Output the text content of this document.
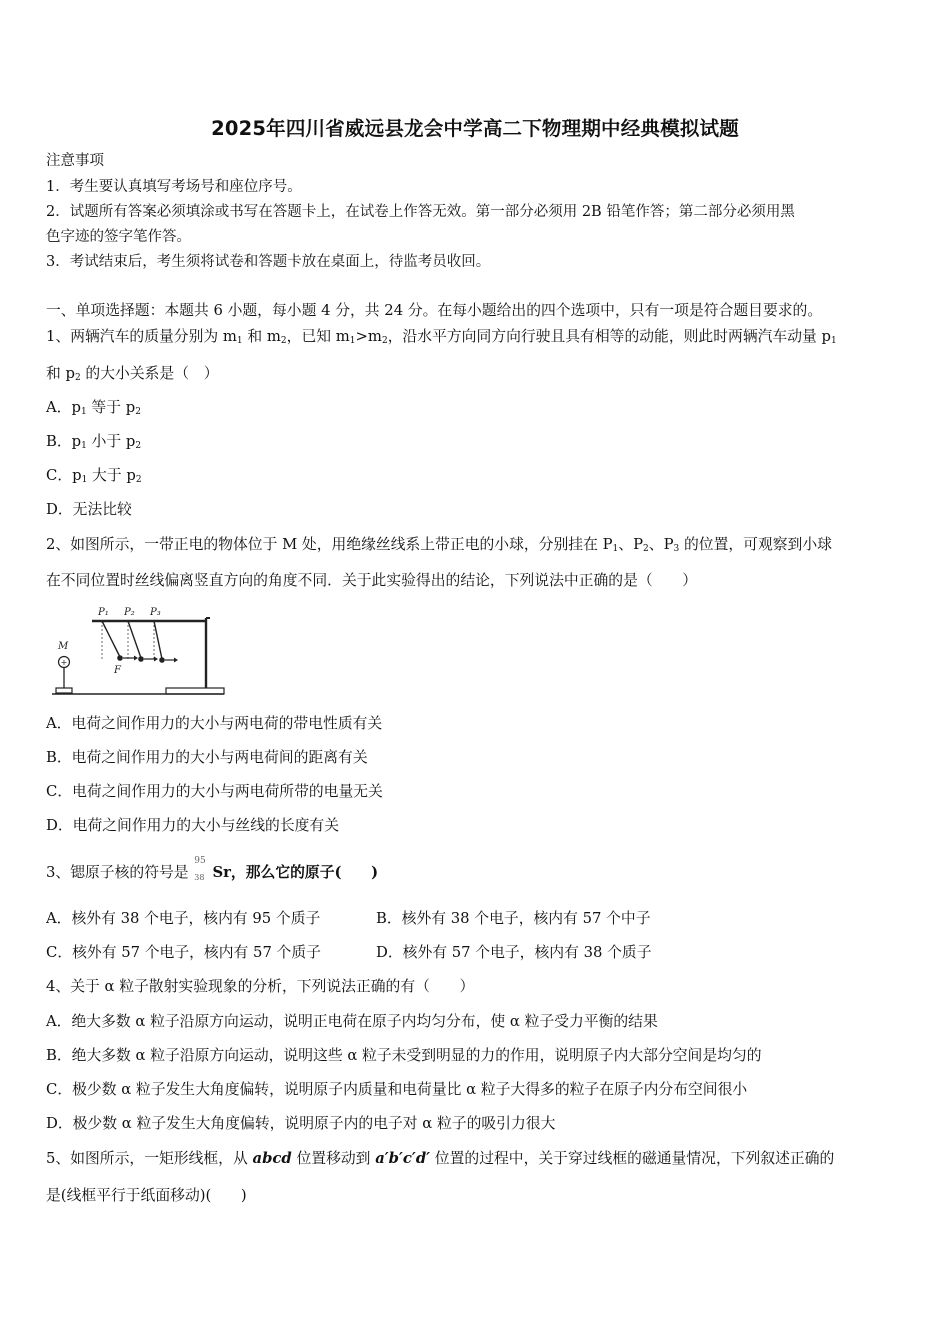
2025年四川省威远县龙会中学高二下物理期中经典模拟试题
注意事项
1．考生要认真填写考场号和座位序号。
2．试题所有答案必须填涂或书写在答题卡上，在试卷上作答无效。第一部分必须用 2B 铅笔作答；第二部分必须用黑
色字迹的签字笔作答。
3．考试结束后，考生须将试卷和答题卡放在桌面上，待监考员收回。
一、单项选择题：本题共 6 小题，每小题 4 分，共 24 分。在每小题给出的四个选项中，只有一项是符合题目要求的。
1、两辆汽车的质量分别为 $m_1$ 和 $m_2$，已知 $m_1>m_2$，沿水平方向同方向行驶且具有相等的动能，则此时两辆汽车动量 $p_1$
和 $p_2$ 的大小关系是（　）
A．$p_1$ 等于 $p_2$
B．$p_1$ 小于 $p_2$
C．$p_1$ 大于 $p_2$
D．无法比较
2、如图所示，一带正电的物体位于 M 处，用绝缘丝线系上带正电的小球，分别挂在 $P_1$、$P_2$、$P_3$ 的位置，可观察到小球
在不同位置时丝线偏离竖直方向的角度不同．关于此实验得出的结论，下列说法中正确的是（　　）
+
M
P₁ P₂ P₃
F
A．电荷之间作用力的大小与两电荷的带电性质有关
B．电荷之间作用力的大小与两电荷间的距离有关
C．电荷之间作用力的大小与两电荷所带的电量无关
D．电荷之间作用力的大小与丝线的长度有关
3、锶原子核的符号是
95
38 Sr，那么它的原子(　　)
A．核外有 38 个电子，核内有 95 个质子	B．核外有 38 个电子，核内有 57 个中子
C．核外有 57 个电子，核内有 57 个质子	D．核外有 57 个电子，核内有 38 个质子
4、关于 α 粒子散射实验现象的分析，下列说法正确的有（　　）
A．绝大多数 α 粒子沿原方向运动，说明正电荷在原子内均匀分布，使 α 粒子受力平衡的结果
B．绝大多数 α 粒子沿原方向运动，说明这些 α 粒子未受到明显的力的作用，说明原子内大部分空间是均匀的
C．极少数 α 粒子发生大角度偏转，说明原子内质量和电荷量比 α 粒子大得多的粒子在原子内分布空间很小
D．极少数 α 粒子发生大角度偏转，说明原子内的电子对 α 粒子的吸引力很大
5、如图所示，一矩形线框，从 abcd 位置移动到 a′b′c′d′ 位置的过程中，关于穿过线框的磁通量情况，下列叙述正确的
是(线框平行于纸面移动)(　　)
